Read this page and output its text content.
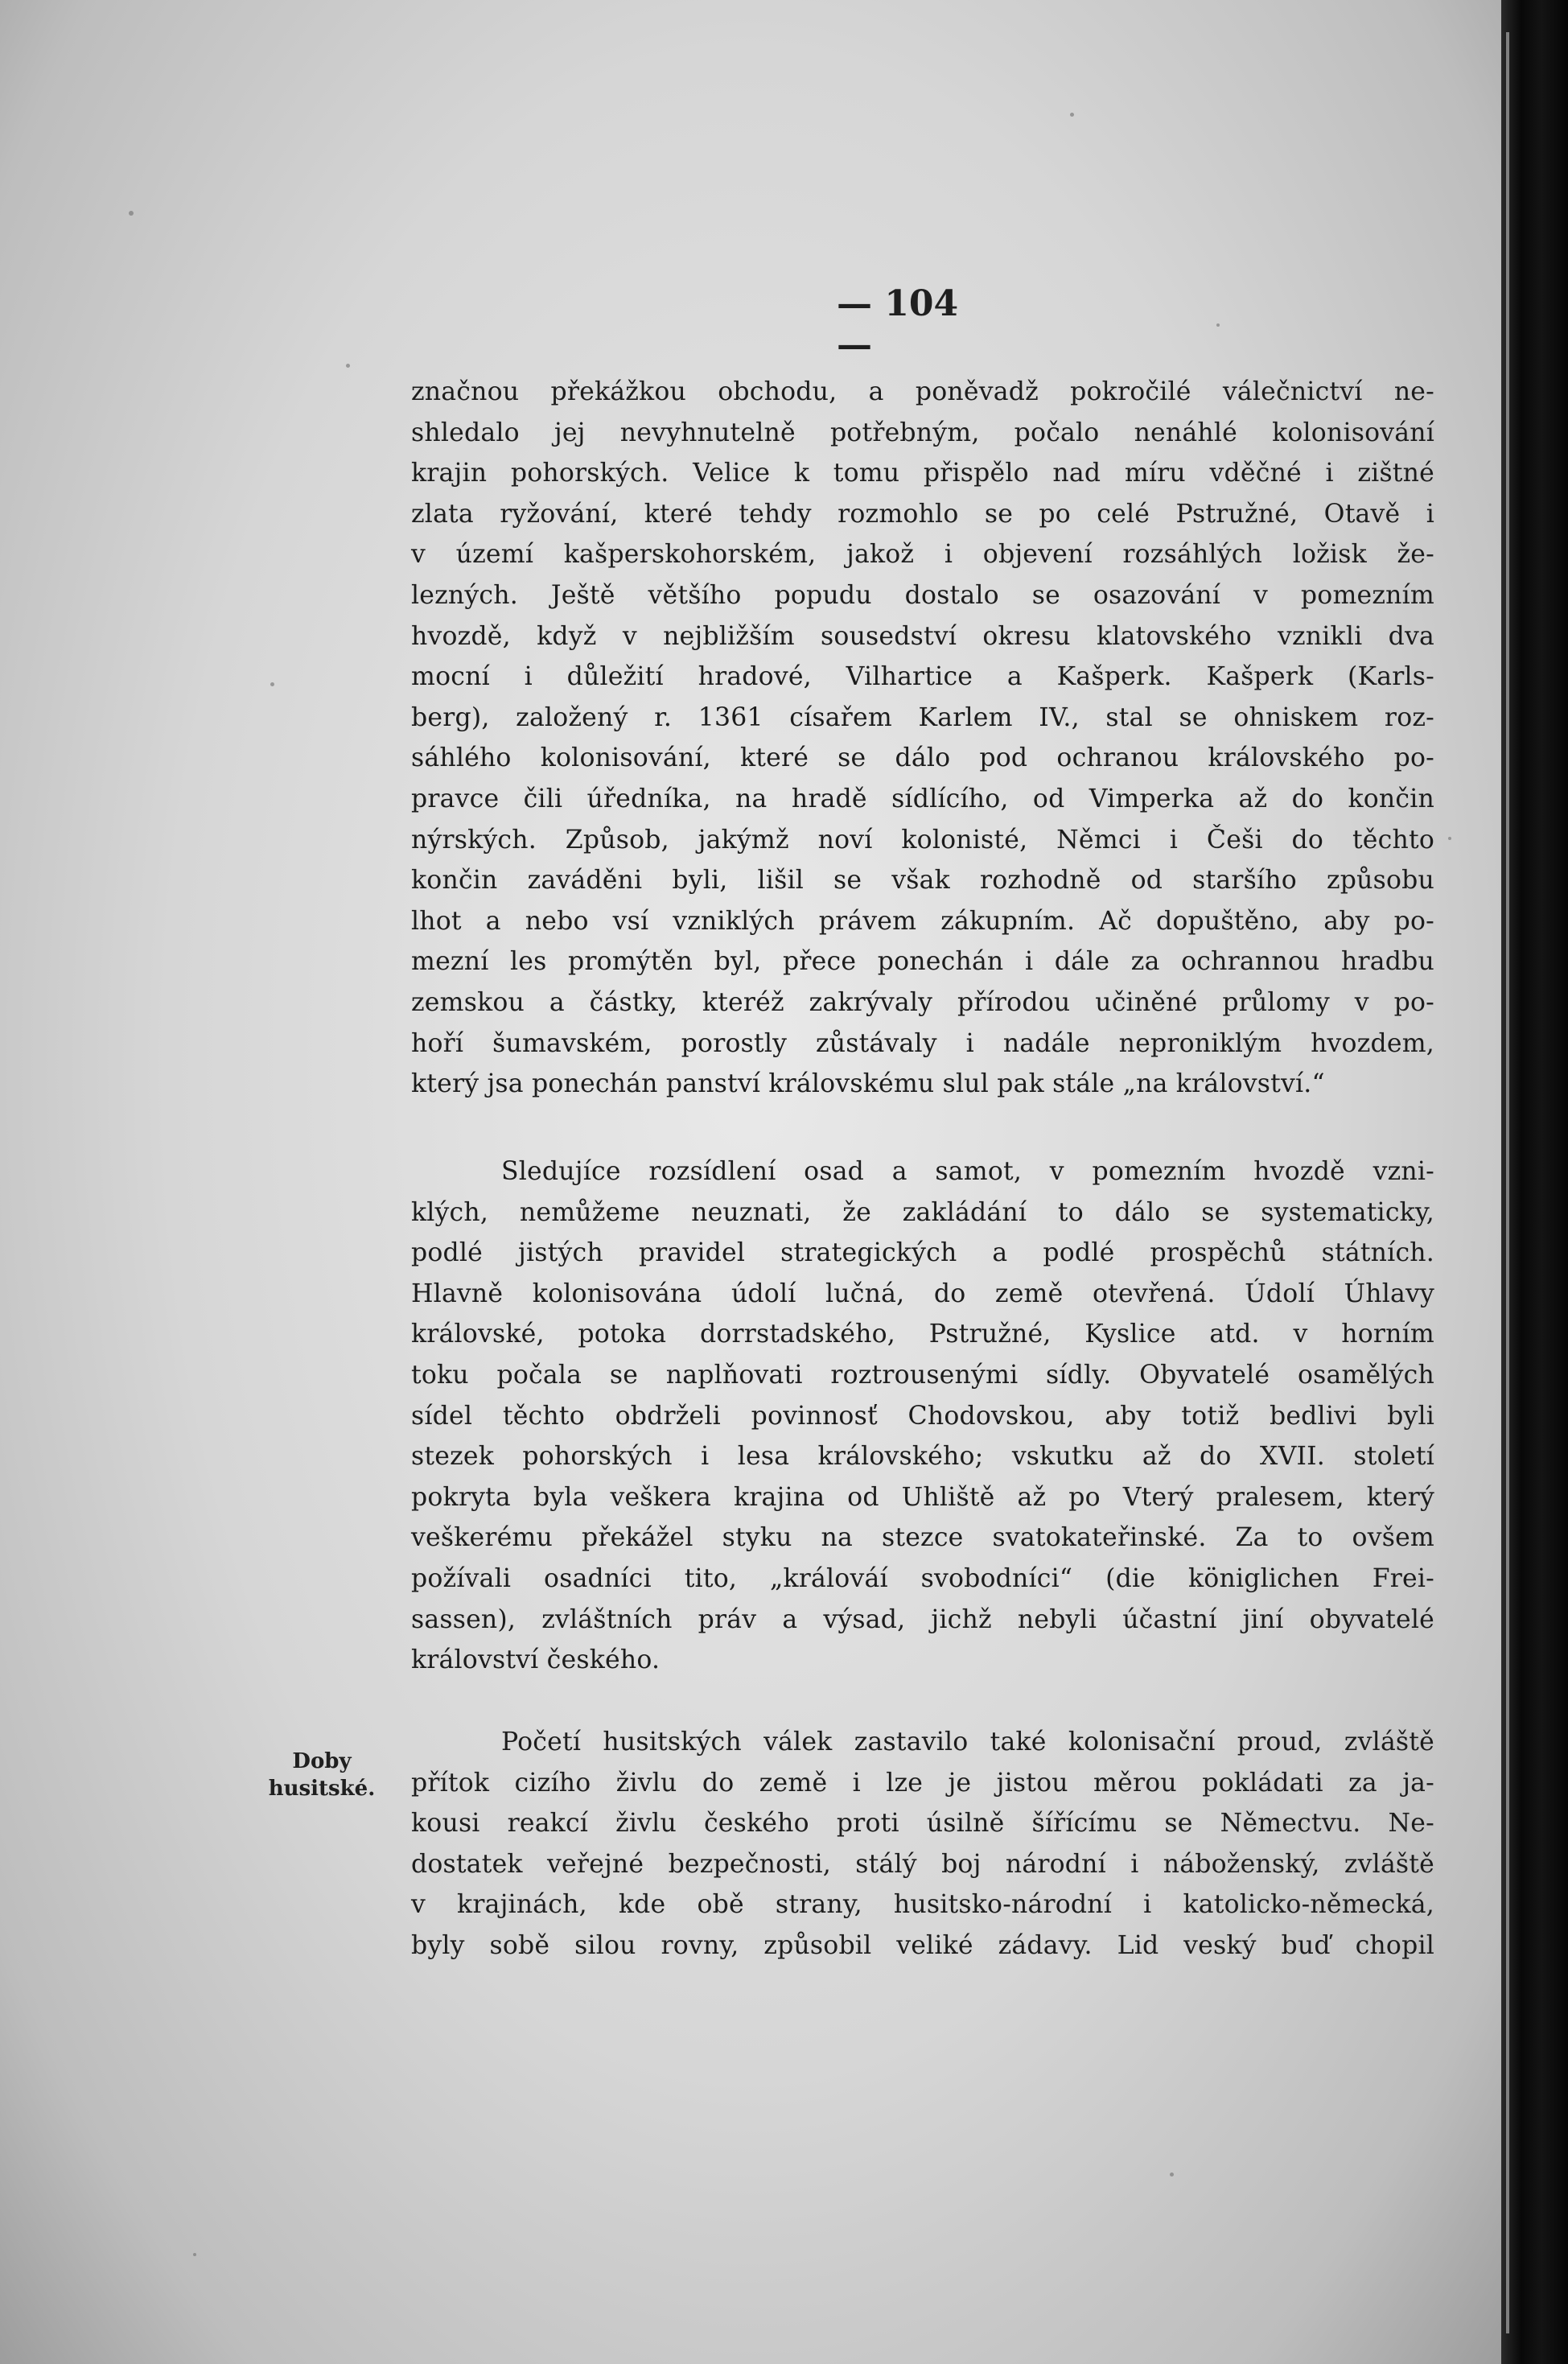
— 104 —
značnou překážkou obchodu, a poněvadž pokročilé válečnictví ne-
shledalo jej nevyhnutelně potřebným, počalo nenáhlé kolonisování
krajin pohorských. Velice k tomu přispělo nad míru vděčné i zištné
zlata ryžování, které tehdy rozmohlo se po celé Pstružné, Otavě i
v území kašperskohorském, jakož i objevení rozsáhlých ložisk že-
lezných. Ještě většího popudu dostalo se osazování v pomezním
hvozdě, když v nejbližším sousedství okresu klatovského vznikli dva
mocní i důležití hradové, Vilhartice a Kašperk. Kašperk (Karls-
berg), založený r. 1361 císařem Karlem IV., stal se ohniskem roz-
sáhlého kolonisování, které se dálo pod ochranou královského po-
pravce čili úředníka, na hradě sídlícího, od Vimperka až do končin
nýrských. Způsob, jakýmž noví kolonisté, Němci i Češi do těchto
končin zaváděni byli, lišil se však rozhodně od staršího způsobu
lhot a nebo vsí vzniklých právem zákupním. Ač dopuštěno, aby po-
mezní les promýtěn byl, přece ponechán i dále za ochrannou hradbu
zemskou a částky, kteréž zakrývaly přírodou učiněné průlomy v po-
hoří šumavském, porostly zůstávaly i nadále neproniklým hvozdem,
který jsa ponechán panství královskému slul pak stále „na království.“
Sledujíce rozsídlení osad a samot, v pomezním hvozdě vzni-
klých, nemůžeme neuznati, že zakládání to dálo se systematicky,
podlé jistých pravidel strategických a podlé prospěchů státních.
Hlavně kolonisována údolí lučná, do země otevřená. Údolí Úhlavy
královské, potoka dorrstadského, Pstružné, Kyslice atd. v horním
toku počala se naplňovati roztrousenými sídly. Obyvatelé osamělých
sídel těchto obdrželi povinnosť Chodovskou, aby totiž bedlivi byli
stezek pohorských i lesa královského; vskutku až do XVII. století
pokryta byla veškera krajina od Uhliště až po Vterý pralesem, který
veškerému překážel styku na stezce svatokateřinské. Za to ovšem
požívali osadníci tito, „králováí svobodníci“ (die königlichen Frei-
sassen), zvláštních práv a výsad, jichž nebyli účastní jiní obyvatelé
království českého.
Doby
husitské.
Početí husitských válek zastavilo také kolonisační proud, zvláště
přítok cizího živlu do země i lze je jistou měrou pokládati za ja-
kousi reakcí živlu českého proti úsilně šířícímu se Němectvu. Ne-
dostatek veřejné bezpečnosti, stálý boj národní i náboženský, zvláště
v krajinách, kde obě strany, husitsko-národní i katolicko-německá,
byly sobě silou rovny, způsobil veliké zádavy. Lid veský buď chopil
